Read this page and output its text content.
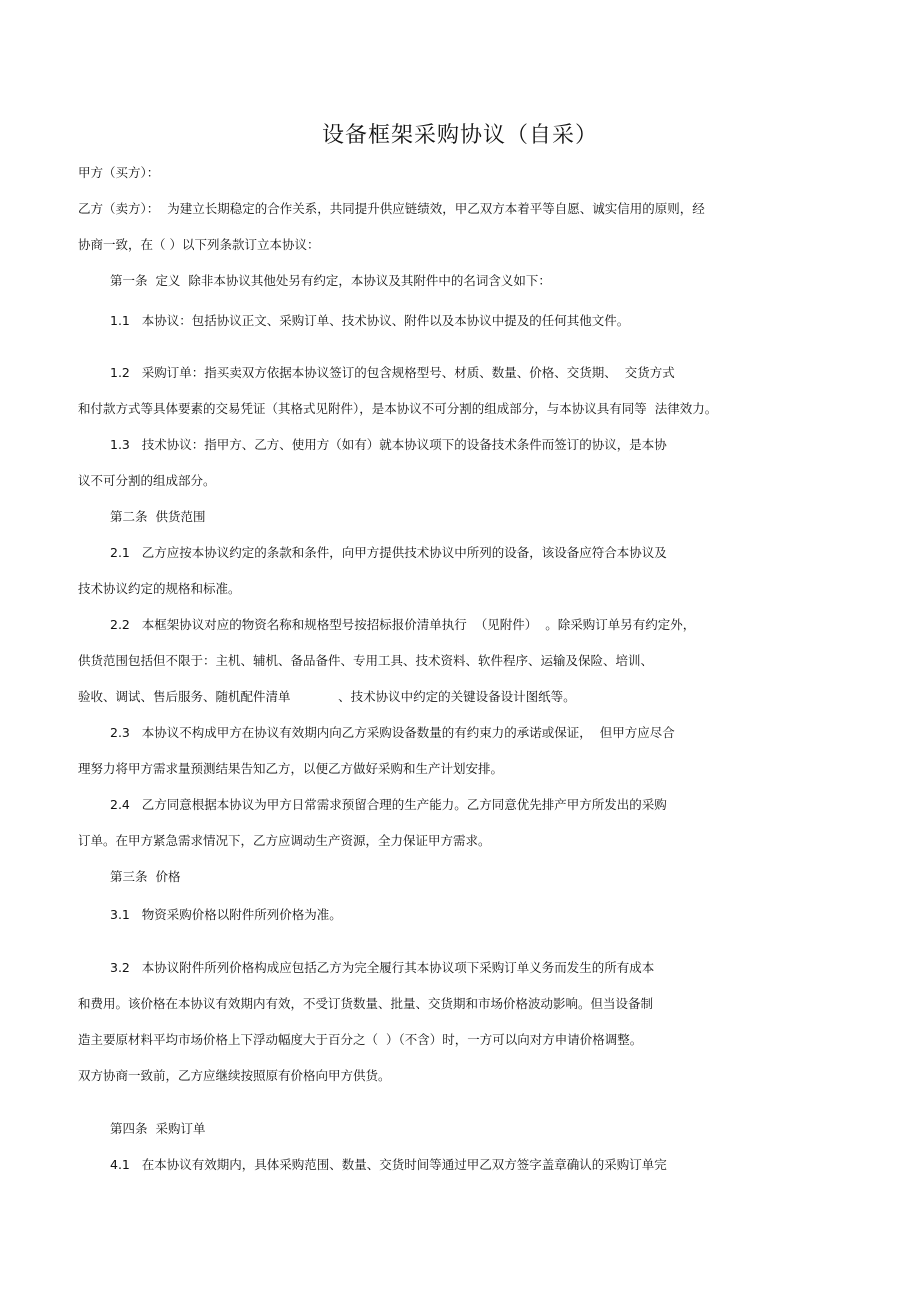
设备框架采购协议（自采）
甲方（买方）：
乙方（卖方）：  为建立长期稳定的合作关系，共同提升供应链绩效，甲乙双方本着平等自愿、诚实信用的原则，经
协商一致，在（ ）以下列条款订立本协议：
第一条  定义  除非本协议其他处另有约定，本协议及其附件中的名词含义如下：
1.1   本协议：包括协议正文、采购订单、技术协议、附件以及本协议中提及的任何其他文件。
1.2   采购订单：指买卖双方依据本协议签订的包含规格型号、材质、数量、价格、交货期、  交货方式
和付款方式等具体要素的交易凭证（其格式见附件），是本协议不可分割的组成部分，与本协议具有同等  法律效力。
1.3   技术协议：指甲方、乙方、使用方（如有）就本协议项下的设备技术条件而签订的协议，是本协
议不可分割的组成部分。
第二条  供货范围
2.1   乙方应按本协议约定的条款和条件，向甲方提供技术协议中所列的设备，该设备应符合本协议及
技术协议约定的规格和标准。
2.2   本框架协议对应的物资名称和规格型号按招标报价清单执行  （见附件）  。除采购订单另有约定外，
供货范围包括但不限于：主机、辅机、备品备件、专用工具、技术资料、软件程序、运输及保险、培训、
验收、调试、售后服务、随机配件清单            、技术协议中约定的关键设备设计图纸等。
2.3   本协议不构成甲方在协议有效期内向乙方采购设备数量的有约束力的承诺或保证，  但甲方应尽合
理努力将甲方需求量预测结果告知乙方，以便乙方做好采购和生产计划安排。
2.4   乙方同意根据本协议为甲方日常需求预留合理的生产能力。乙方同意优先排产甲方所发出的采购
订单。在甲方紧急需求情况下，乙方应调动生产资源，全力保证甲方需求。
第三条  价格
3.1   物资采购价格以附件所列价格为准。
3.2   本协议附件所列价格构成应包括乙方为完全履行其本协议项下采购订单义务而发生的所有成本
和费用。该价格在本协议有效期内有效，不受订货数量、批量、交货期和市场价格波动影响。但当设备制
造主要原材料平均市场价格上下浮动幅度大于百分之（  ）（不含）时，一方可以向对方申请价格调整。
双方协商一致前，乙方应继续按照原有价格向甲方供货。
第四条  采购订单
4.1   在本协议有效期内，具体采购范围、数量、交货时间等通过甲乙双方签字盖章确认的采购订单完
